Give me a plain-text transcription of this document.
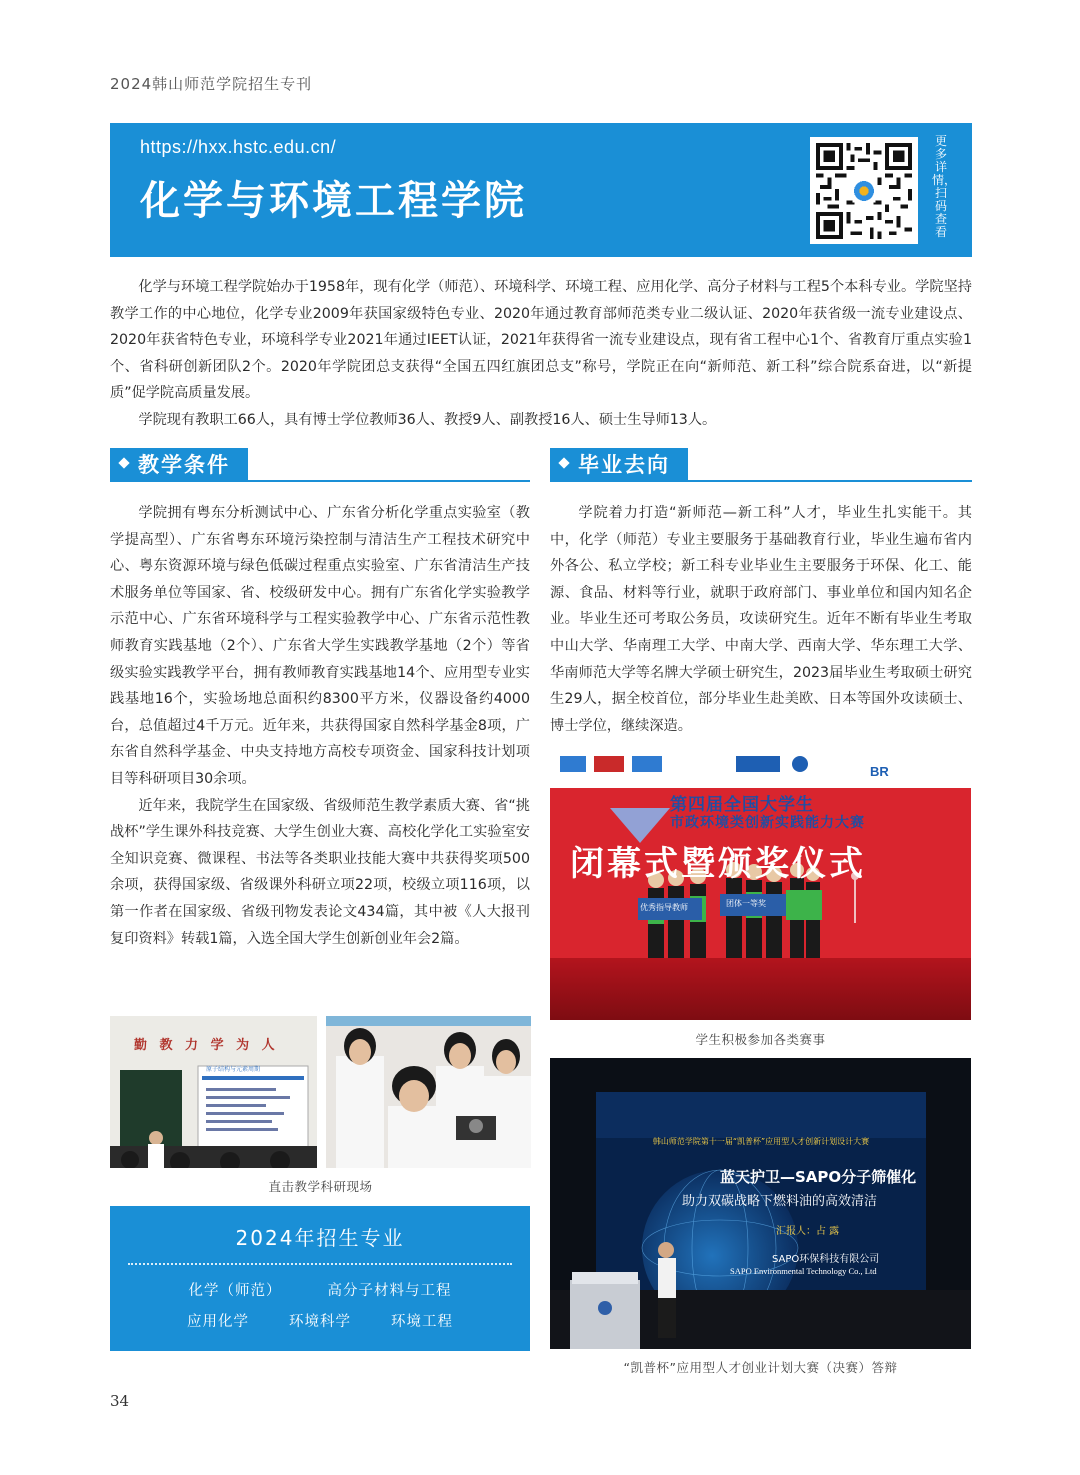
2024韩山师范学院招生专刊
https://hxx.hstc.edu.cn/
化学与环境工程学院
更多详情，扫码查看

化学与环境工程学院始办于1958年，现有化学（师范）、环境科学、环境工程、应用化学、高分子材料与工程5个本科专业。学院坚持教学工作的中心地位，化学专业2009年获国家级特色专业、2020年通过教育部师范类专业二级认证、2020年获省级一流专业建设点、2020年获省特色专业，环境科学专业2021年通过IEET认证，2021年获得省一流专业建设点，现有省工程中心1个、省教育厅重点实验1个、省科研创新团队2个。2020年学院团总支获得“全国五四红旗团总支”称号，学院正在向“新师范、新工科”综合院系奋进，以“新提质”促学院高质量发展。

学院现有教职工66人，具有博士学位教师36人、教授9人、副教授16人、硕士生导师13人。

教学条件	毕业去向

学院拥有粤东分析测试中心、广东省分析化学重点实验室（教学提高型）、广东省粤东环境污染控制与清洁生产工程技术研究中心、粤东资源环境与绿色低碳过程重点实验室、广东省清洁生产技术服务单位等国家、省、校级研发中心。拥有广东省化学实验教学示范中心、广东省环境科学与工程实验教学中心、广东省示范性教师教育实践基地（2个）、广东省大学生实践教学基地（2个）等省级实验实践教学平台，拥有教师教育实践基地14个、应用型专业实践基地16个，实验场地总面积约8300平方米，仪器设备约4000台，总值超过4千万元。近年来，共获得国家自然科学基金8项，广东省自然科学基金、中央支持地方高校专项资金、国家科技计划项目等科研项目30余项。

近年来，我院学生在国家级、省级师范生教学素质大赛、省“挑战杯”学生课外科技竞赛、大学生创业大赛、高校化学化工实验室安全知识竞赛、微课程、书法等各类职业技能大赛中共获得奖项500余项，获得国家级、省级课外科研立项22项，校级立项116项，以第一作者在国家级、省级刊物发表论文434篇，其中被《人大报刊复印资料》转载1篇，入选全国大学生创新创业年会2篇。

学院着力打造“新师范—新工科”人才，毕业生扎实能干。其中，化学（师范）专业主要服务于基础教育行业，毕业生遍布省内外各公、私立学校；新工科专业毕业生主要服务于环保、化工、能源、食品、材料等行业，就职于政府部门、事业单位和国内知名企业。毕业生还可考取公务员，攻读研究生。近年不断有毕业生考取中山大学、华南理工大学、中南大学、西南大学、华东理工大学、华南师范大学等名牌大学硕士研究生，2023届毕业生考取硕士研究生29人，据全校首位，部分毕业生赴美欧、日本等国外攻读硕士、博士学位，继续深造。

BR
第四届全国大学生
市政环境类创新实践能力大赛
闭幕式暨颁奖仪式
优秀指导教师	团体一等奖
学生积极参加各类赛事
勤 教 力 学 为 人
原子结构与元素周期
直击教学科研现场
2024年招生专业
化学（师范）	高分子材料与工程
应用化学	环境科学	环境工程
韩山师范学院第十一届“凯普杯”应用型人才创新计划设计大赛
蓝天护卫—SAPO分子筛催化
助力双碳战略下燃料油的高效清洁
汇报人：占 露
SAPO环保科技有限公司
SAPO Environmental Technology Co., Ltd
“凯普杯”应用型人才创业计划大赛（决赛）答辩
34
